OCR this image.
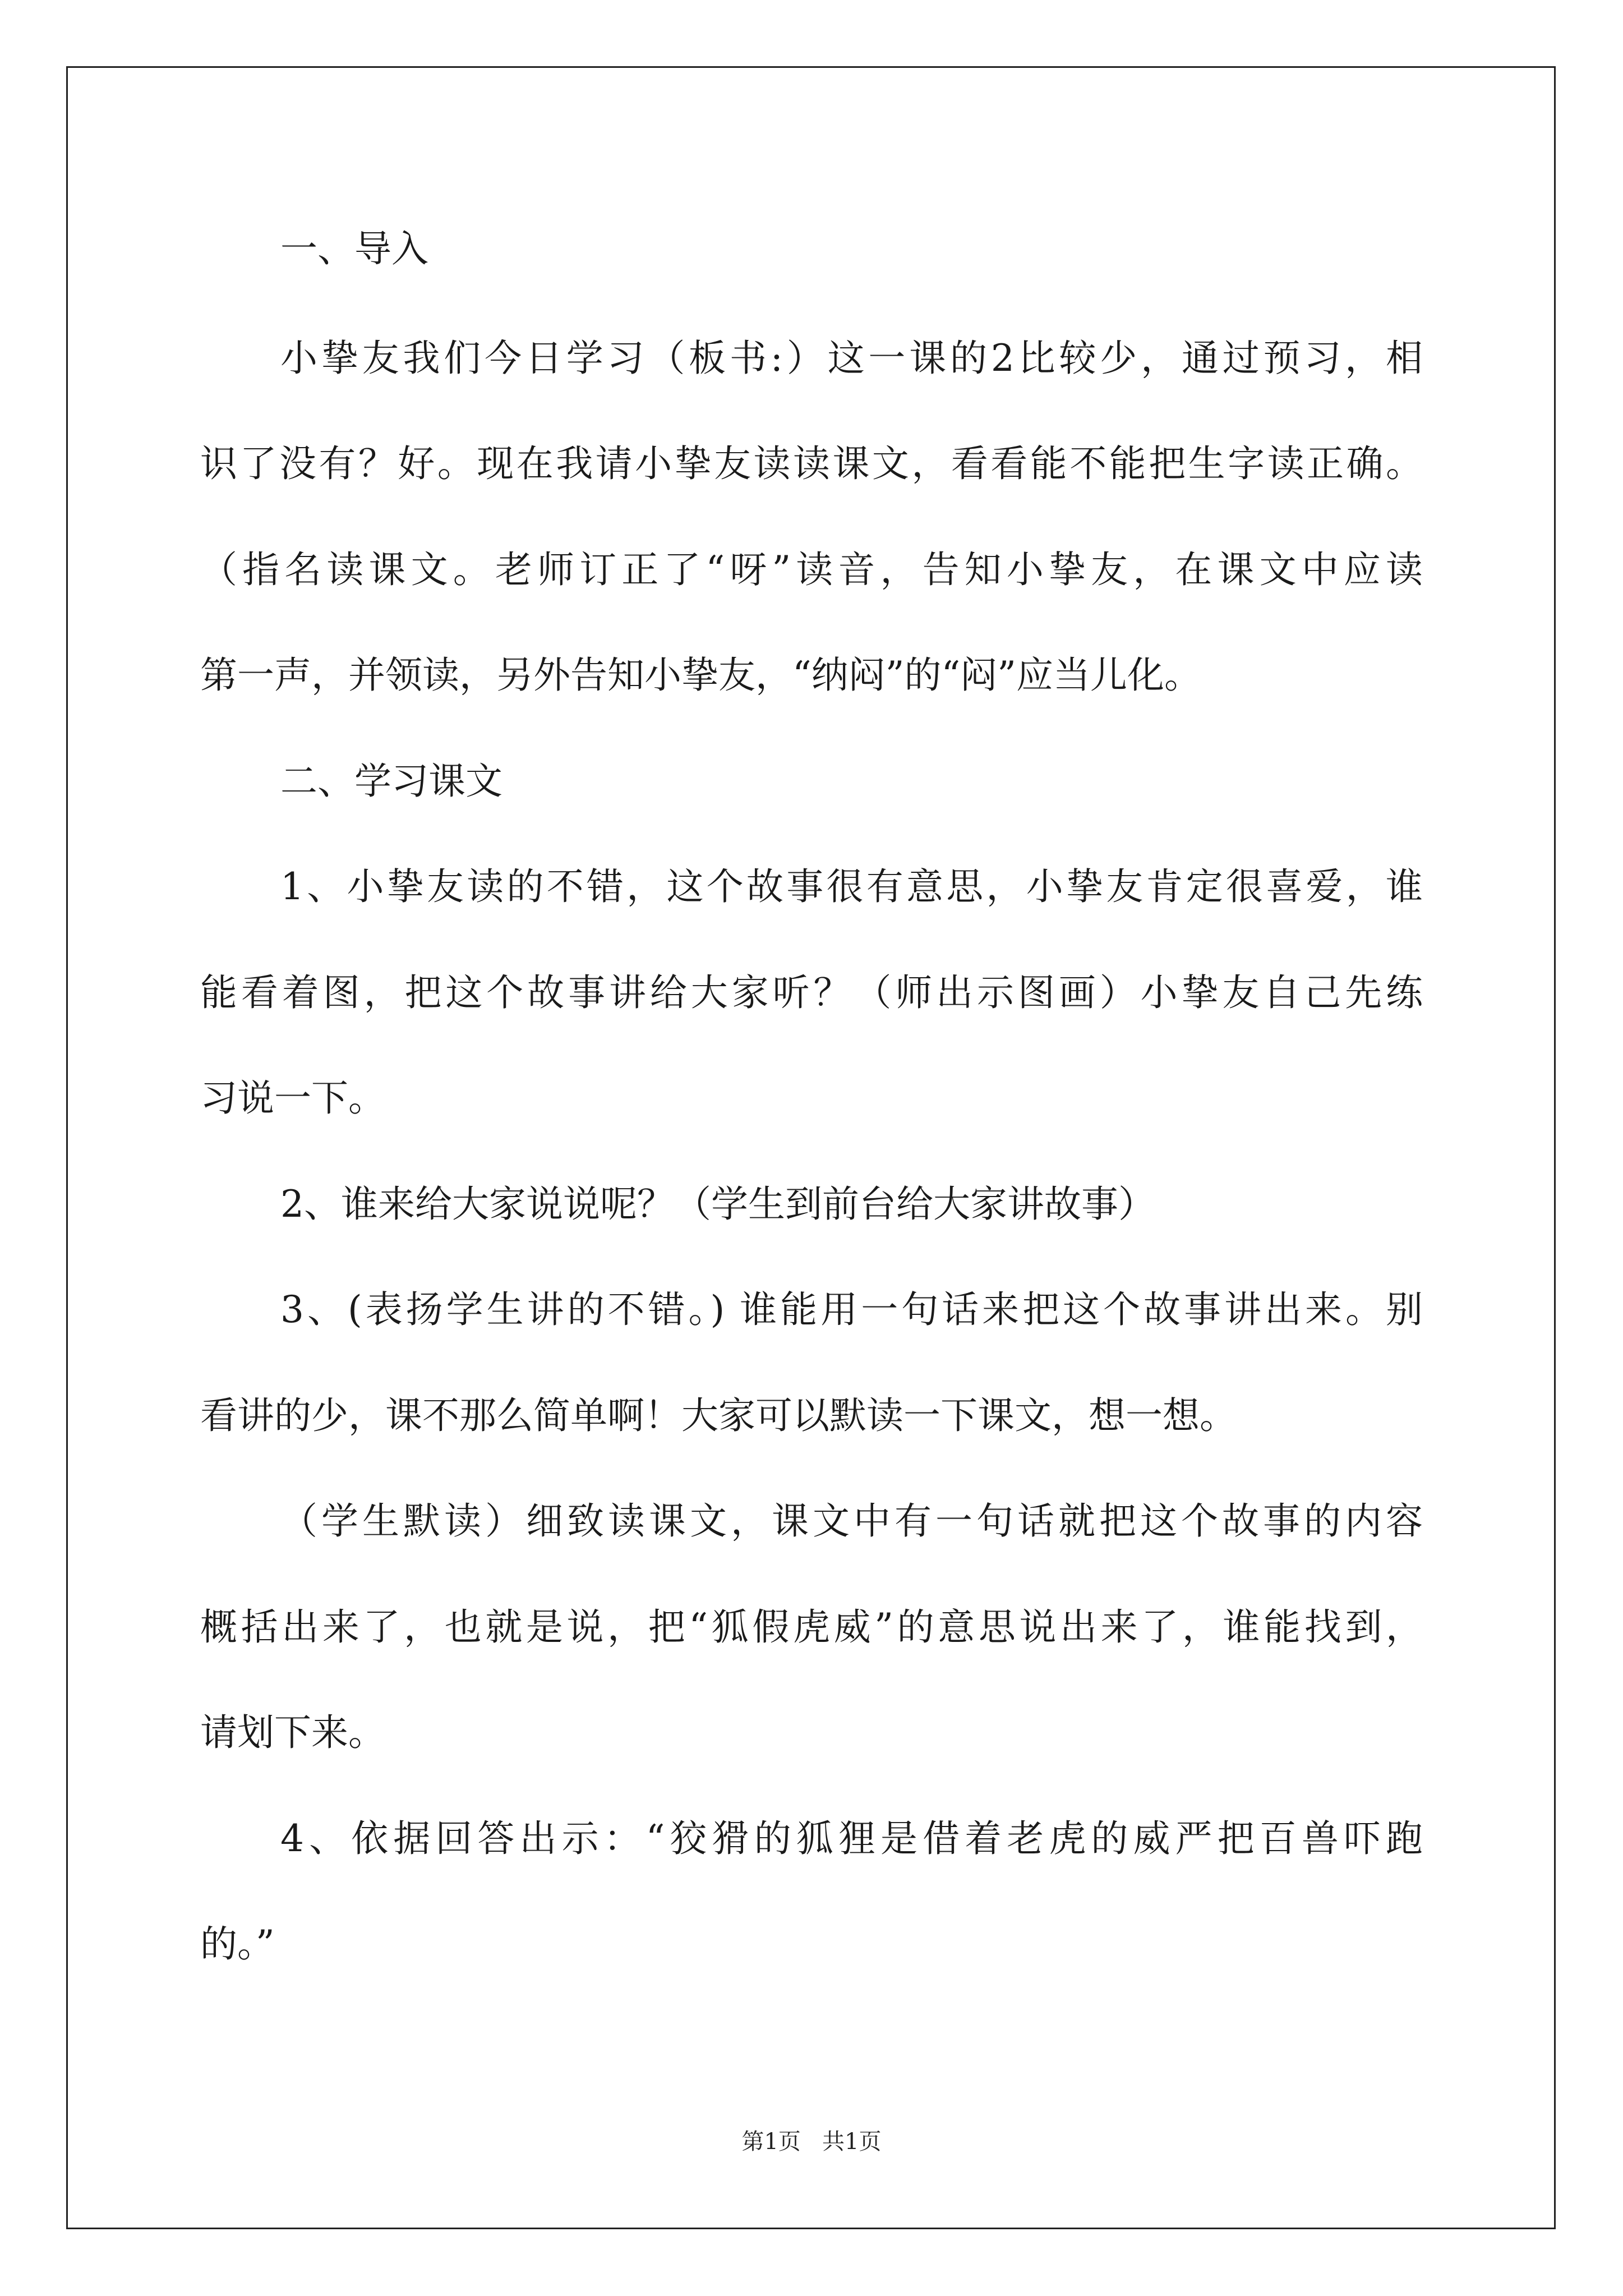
一、导入
小挚友我们今日学习（板书:）这一课的2比较少，通过预习，相
识了没有？好。现在我请小挚友读读课文，看看能不能把生字读正确。
（指名读课文。老师订正了“呀”读音，告知小挚友，在课文中应读
第一声，并领读，另外告知小挚友，“纳闷”的“闷”应当儿化。
二、学习课文
1、小挚友读的不错，这个故事很有意思，小挚友肯定很喜爱，谁
能看着图，把这个故事讲给大家听？（师出示图画）小挚友自己先练
习说一下。
2、谁来给大家说说呢？（学生到前台给大家讲故事）
3、(表扬学生讲的不错。) 谁能用一句话来把这个故事讲出来。别
看讲的少，课不那么简单啊！大家可以默读一下课文，想一想。
（学生默读）细致读课文，课文中有一句话就把这个故事的内容
概括出来了，也就是说，把“狐假虎威”的意思说出来了，谁能找到，
请划下来。
4、依据回答出示：“狡猾的狐狸是借着老虎的威严把百兽吓跑
的。”
第1页   共1页
